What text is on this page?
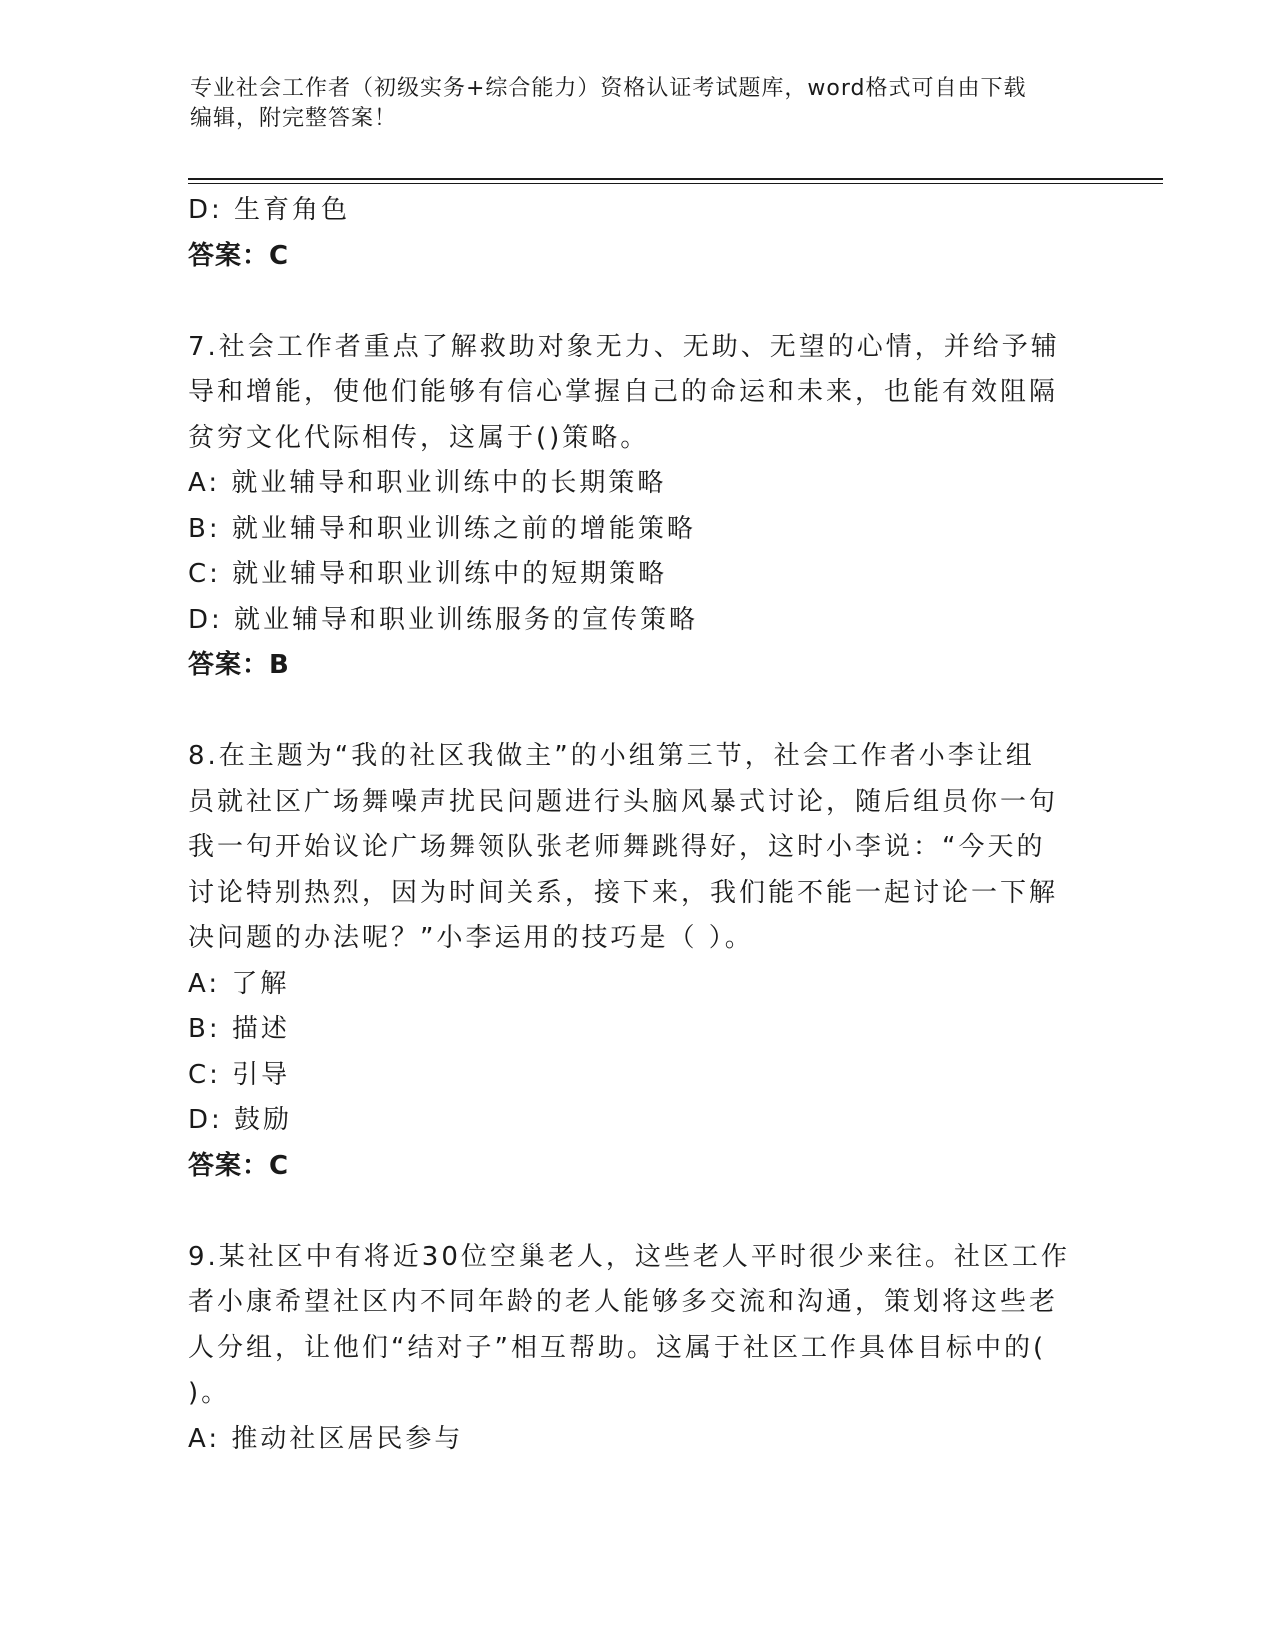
专业社会工作者（初级实务+综合能力）资格认证考试题库，word格式可自由下载
编辑，附完整答案！
D: 生育角色
答案：C
7.社会工作者重点了解救助对象无力、无助、无望的心情，并给予辅
导和增能，使他们能够有信心掌握自己的命运和未来，也能有效阻隔
贫穷文化代际相传，这属于()策略。
A: 就业辅导和职业训练中的长期策略
B: 就业辅导和职业训练之前的增能策略
C: 就业辅导和职业训练中的短期策略
D: 就业辅导和职业训练服务的宣传策略
答案：B
8.在主题为“我的社区我做主”的小组第三节，社会工作者小李让组
员就社区广场舞噪声扰民问题进行头脑风暴式讨论，随后组员你一句
我一句开始议论广场舞领队张老师舞跳得好，这时小李说：“今天的
讨论特别热烈，因为时间关系，接下来，我们能不能一起讨论一下解
决问题的办法呢？”小李运用的技巧是（ ）。
A: 了解
B: 描述
C: 引导
D: 鼓励
答案：C
9.某社区中有将近30位空巢老人，这些老人平时很少来往。社区工作
者小康希望社区内不同年龄的老人能够多交流和沟通，策划将这些老
人分组，让他们“结对子”相互帮助。这属于社区工作具体目标中的(
)。
A: 推动社区居民参与
